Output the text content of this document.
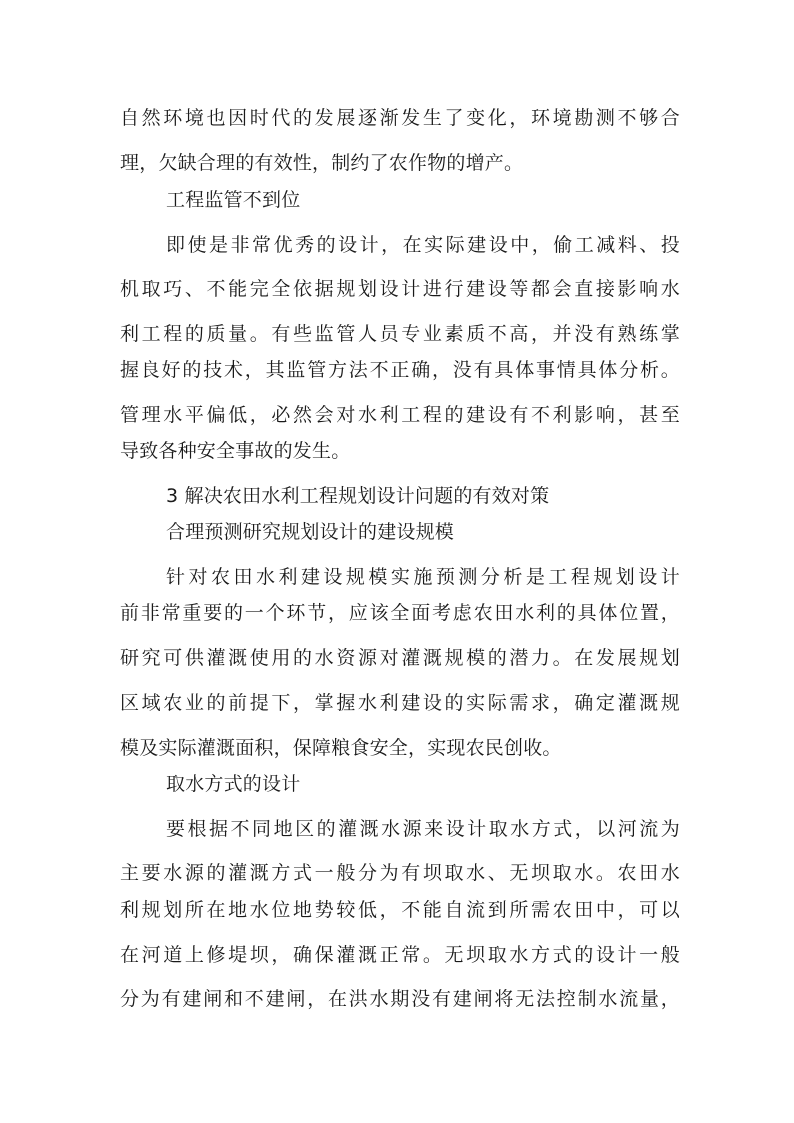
自然环境也因时代的发展逐渐发生了变化，环境勘测不够合
理，欠缺合理的有效性，制约了农作物的增产。
工程监管不到位
即使是非常优秀的设计，在实际建设中，偷工减料、投
机取巧、不能完全依据规划设计进行建设等都会直接影响水
利工程的质量。有些监管人员专业素质不高，并没有熟练掌
握良好的技术，其监管方法不正确，没有具体事情具体分析。
管理水平偏低，必然会对水利工程的建设有不利影响，甚至
导致各种安全事故的发生。
3 解决农田水利工程规划设计问题的有效对策
合理预测研究规划设计的建设规模
针对农田水利建设规模实施预测分析是工程规划设计
前非常重要的一个环节，应该全面考虑农田水利的具体位置，
研究可供灌溉使用的水资源对灌溉规模的潜力。在发展规划
区域农业的前提下，掌握水利建设的实际需求，确定灌溉规
模及实际灌溉面积，保障粮食安全，实现农民创收。
取水方式的设计
要根据不同地区的灌溉水源来设计取水方式，以河流为
主要水源的灌溉方式一般分为有坝取水、无坝取水。农田水
利规划所在地水位地势较低，不能自流到所需农田中，可以
在河道上修堤坝，确保灌溉正常。无坝取水方式的设计一般
分为有建闸和不建闸，在洪水期没有建闸将无法控制水流量，
